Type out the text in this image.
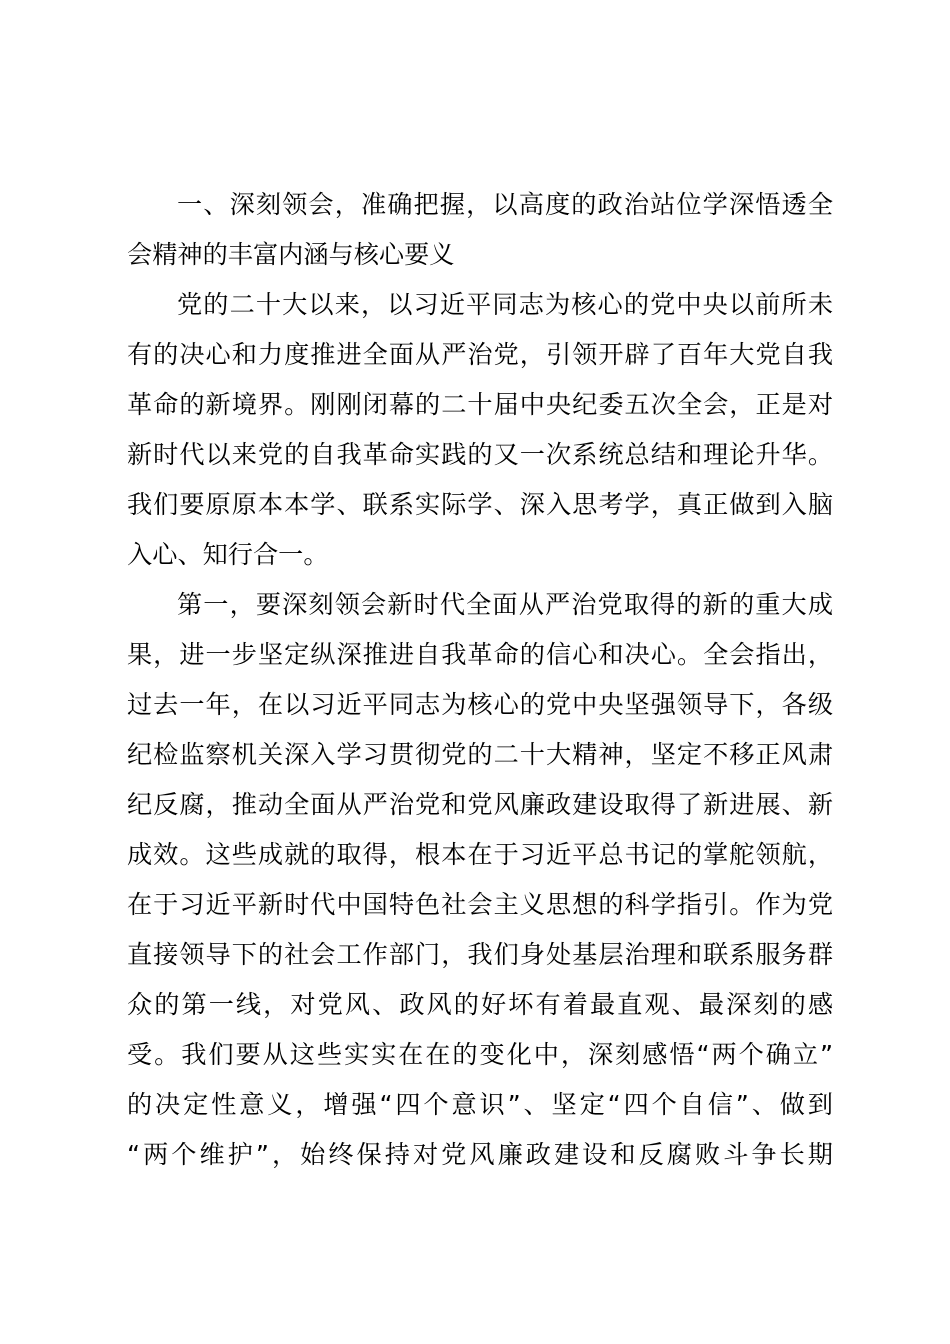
一、深刻领会，准确把握，以高度的政治站位学深悟透全
会精神的丰富内涵与核心要义
党的二十大以来，以习近平同志为核心的党中央以前所未
有的决心和力度推进全面从严治党，引领开辟了百年大党自我
革命的新境界。刚刚闭幕的二十届中央纪委五次全会，正是对
新时代以来党的自我革命实践的又一次系统总结和理论升华。
我们要原原本本学、联系实际学、深入思考学，真正做到入脑
入心、知行合一。
第一，要深刻领会新时代全面从严治党取得的新的重大成
果，进一步坚定纵深推进自我革命的信心和决心。全会指出，
过去一年，在以习近平同志为核心的党中央坚强领导下，各级
纪检监察机关深入学习贯彻党的二十大精神，坚定不移正风肃
纪反腐，推动全面从严治党和党风廉政建设取得了新进展、新
成效。这些成就的取得，根本在于习近平总书记的掌舵领航，
在于习近平新时代中国特色社会主义思想的科学指引。作为党
直接领导下的社会工作部门，我们身处基层治理和联系服务群
众的第一线，对党风、政风的好坏有着最直观、最深刻的感
受。我们要从这些实实在在的变化中，深刻感悟“两个确立”
的决定性意义，增强“四个意识”、坚定“四个自信”、做到
“两个维护”，始终保持对党风廉政建设和反腐败斗争长期
